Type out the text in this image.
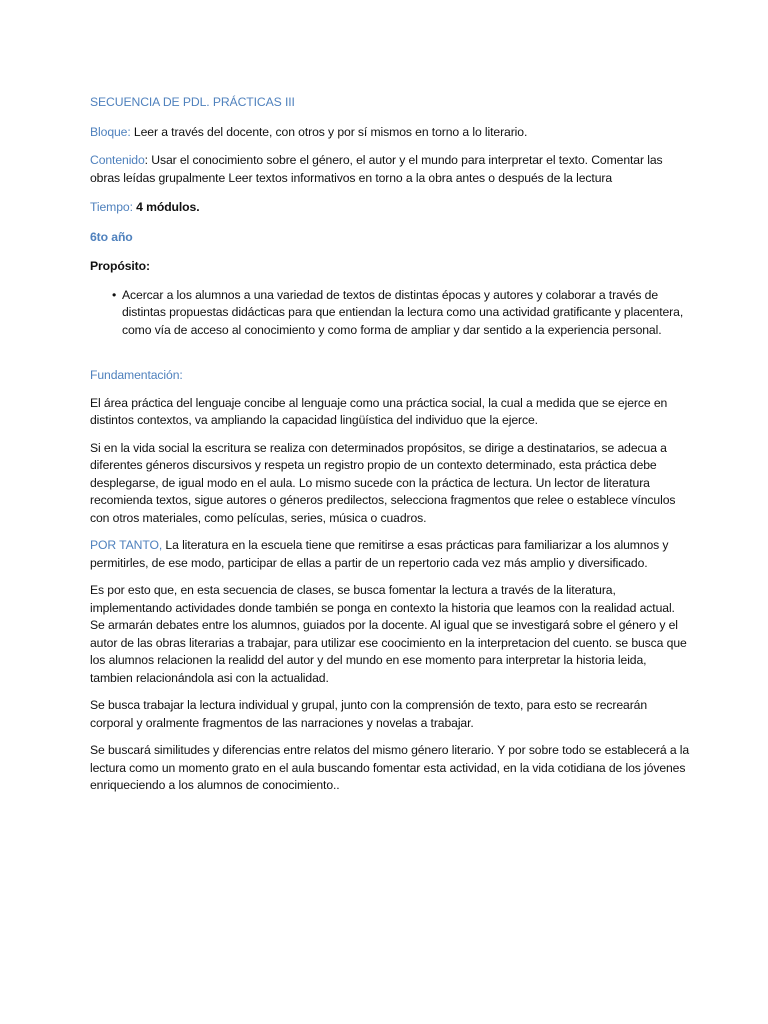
SECUENCIA DE PDL. PRÁCTICAS III

Bloque: Leer a través del docente, con otros y por sí mismos en torno a lo literario.

Contenido: Usar el conocimiento sobre el género, el autor y el mundo para interpretar el texto. Comentar las obras leídas grupalmente Leer textos informativos en torno a la obra antes o después de la lectura

Tiempo: 4 módulos.

6to año

Propósito:

• Acercar a los alumnos a una variedad de textos de distintas épocas y autores y colaborar a través de distintas propuestas didácticas para que entiendan la lectura como una actividad gratificante y placentera, como vía de acceso al conocimiento y como forma de ampliar y dar sentido a la experiencia personal.

Fundamentación:

El área práctica del lenguaje concibe al lenguaje como una práctica social, la cual a medida que se ejerce en distintos contextos, va ampliando la capacidad lingüística del individuo que la ejerce.

Si en la vida social la escritura se realiza con determinados propósitos, se dirige a destinatarios, se adecua a diferentes géneros discursivos y respeta un registro propio de un contexto determinado, esta práctica debe desplegarse, de igual modo en el aula. Lo mismo sucede con la práctica de lectura. Un lector de literatura recomienda textos, sigue autores o géneros predilectos, selecciona fragmentos que relee o establece vínculos con otros materiales, como películas, series, música o cuadros.

POR TANTO, La literatura en la escuela tiene que remitirse a esas prácticas para familiarizar a los alumnos y permitirles, de ese modo, participar de ellas a partir de un repertorio cada vez más amplio y diversificado.

Es por esto que, en esta secuencia de clases, se busca fomentar la lectura a través de la literatura, implementando actividades donde también se ponga en contexto la historia que leamos con la realidad actual. Se armarán debates entre los alumnos, guiados por la docente. Al igual que se investigará sobre el género y el autor de las obras literarias a trabajar, para utilizar ese coocimiento en la interpretacion del cuento. se busca que los alumnos relacionen la realidd del autor y del mundo en ese momento para interpretar la historia leida, tambien relacionándola asi con la actualidad.

Se busca trabajar la lectura individual y grupal, junto con la comprensión de texto, para esto se recrearán corporal y oralmente fragmentos de las narraciones y novelas a trabajar.

Se buscará similitudes y diferencias entre relatos del mismo género literario. Y por sobre todo se establecerá a la lectura como un momento grato en el aula buscando fomentar esta actividad, en la vida cotidiana de los jóvenes enriqueciendo a los alumnos de conocimiento..
